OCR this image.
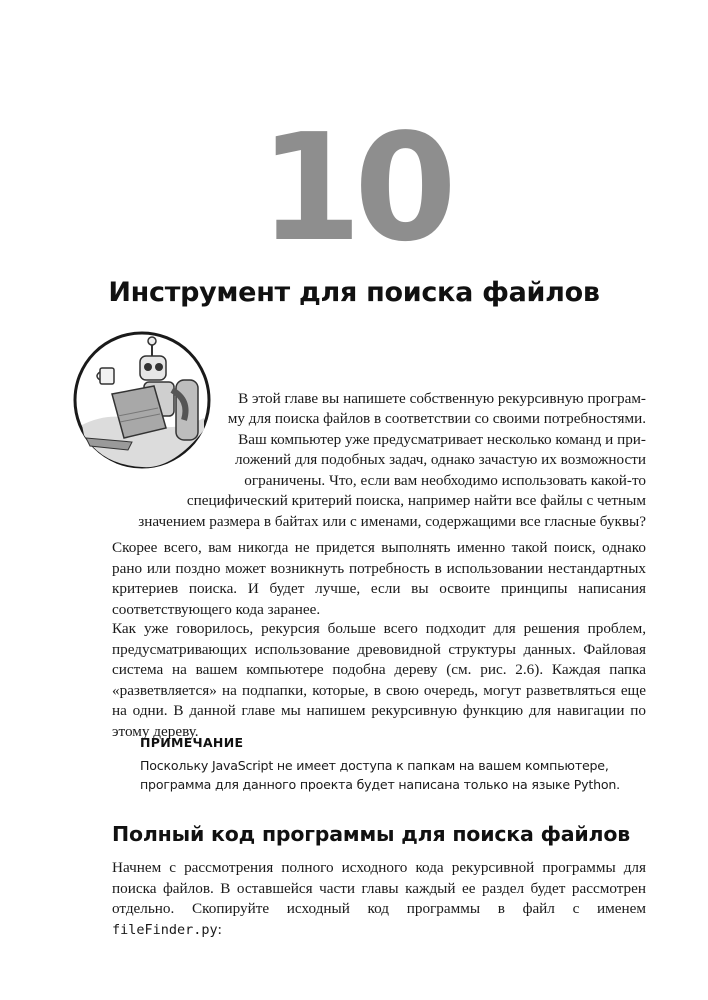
10
Инструмент для поиска файлов
В этой главе вы напишете собственную рекурсивную програм-
му для поиска файлов в соответствии со своими потребностями.
Ваш компьютер уже предусматривает несколько команд и при-
ложений для подобных задач, однако зачастую их возможности
ограничены. Что, если вам необходимо использовать какой-то
специфический критерий поиска, например найти все файлы с четным
значением размера в байтах или с именами, содержащими все гласные буквы?
Скорее всего, вам никогда не придется выполнять именно такой поиск, однако рано или поздно может возникнуть потребность в использовании нестандартных критериев поиска. И будет лучше, если вы освоите принципы написания соответствующего кода заранее.
Как уже говорилось, рекурсия больше всего подходит для решения проблем, предусматривающих использование древовидной структуры данных. Файловая система на вашем компьютере подобна дереву (см. рис. 2.6). Каждая папка «разветвляется» на подпапки, которые, в свою очередь, могут разветвляться еще на одни. В данной главе мы напишем рекурсивную функцию для навигации по этому дереву.
ПРИМЕЧАНИЕ
Поскольку JavaScript не имеет доступа к папкам на вашем компьютере, программа для данного проекта будет написана только на языке Python.
Полный код программы для поиска файлов
Начнем с рассмотрения полного исходного кода рекурсивной программы для поиска файлов. В оставшейся части главы каждый ее раздел будет рассмотрен отдельно. Скопируйте исходный код программы в файл с именем fileFinder.py:
